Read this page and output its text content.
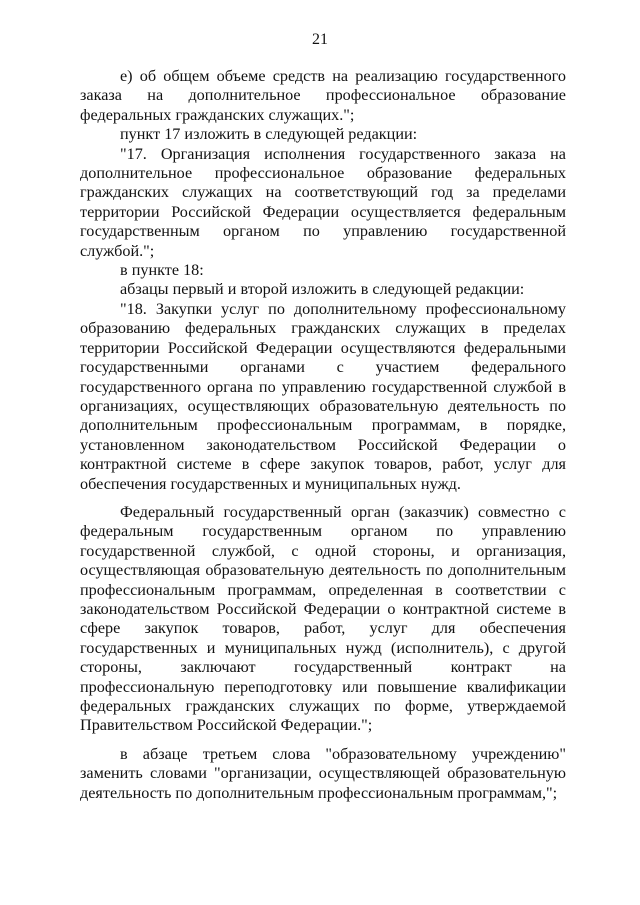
21

е) об общем объеме средств на реализацию государственного заказа на дополнительное профессиональное образование федеральных гражданских служащих.";

пункт 17 изложить в следующей редакции:

"17. Организация исполнения государственного заказа на дополнительное профессиональное образование федеральных гражданских служащих на соответствующий год за пределами территории Российской Федерации осуществляется федеральным государственным органом по управлению государственной службой.";

в пункте 18:

абзацы первый и второй изложить в следующей редакции:

"18. Закупки услуг по дополнительному профессиональному образованию федеральных гражданских служащих в пределах территории Российской Федерации осуществляются федеральными государственными органами с участием федерального государственного органа по управлению государственной службой в организациях, осуществляющих образовательную деятельность по дополнительным профессиональным программам, в порядке, установленном законодательством Российской Федерации о контрактной системе в сфере закупок товаров, работ, услуг для обеспечения государственных и муниципальных нужд.

Федеральный государственный орган (заказчик) совместно с федеральным государственным органом по управлению государственной службой, с одной стороны, и организация, осуществляющая образовательную деятельность по дополнительным профессиональным программам, определенная в соответствии с законодательством Российской Федерации о контрактной системе в сфере закупок товаров, работ, услуг для обеспечения государственных и муниципальных нужд (исполнитель), с другой стороны, заключают государственный контракт на профессиональную переподготовку или повышение квалификации федеральных гражданских служащих по форме, утверждаемой Правительством Российской Федерации.";

в абзаце третьем слова "образовательному учреждению" заменить словами "организации, осуществляющей образовательную деятельность по дополнительным профессиональным программам,";
